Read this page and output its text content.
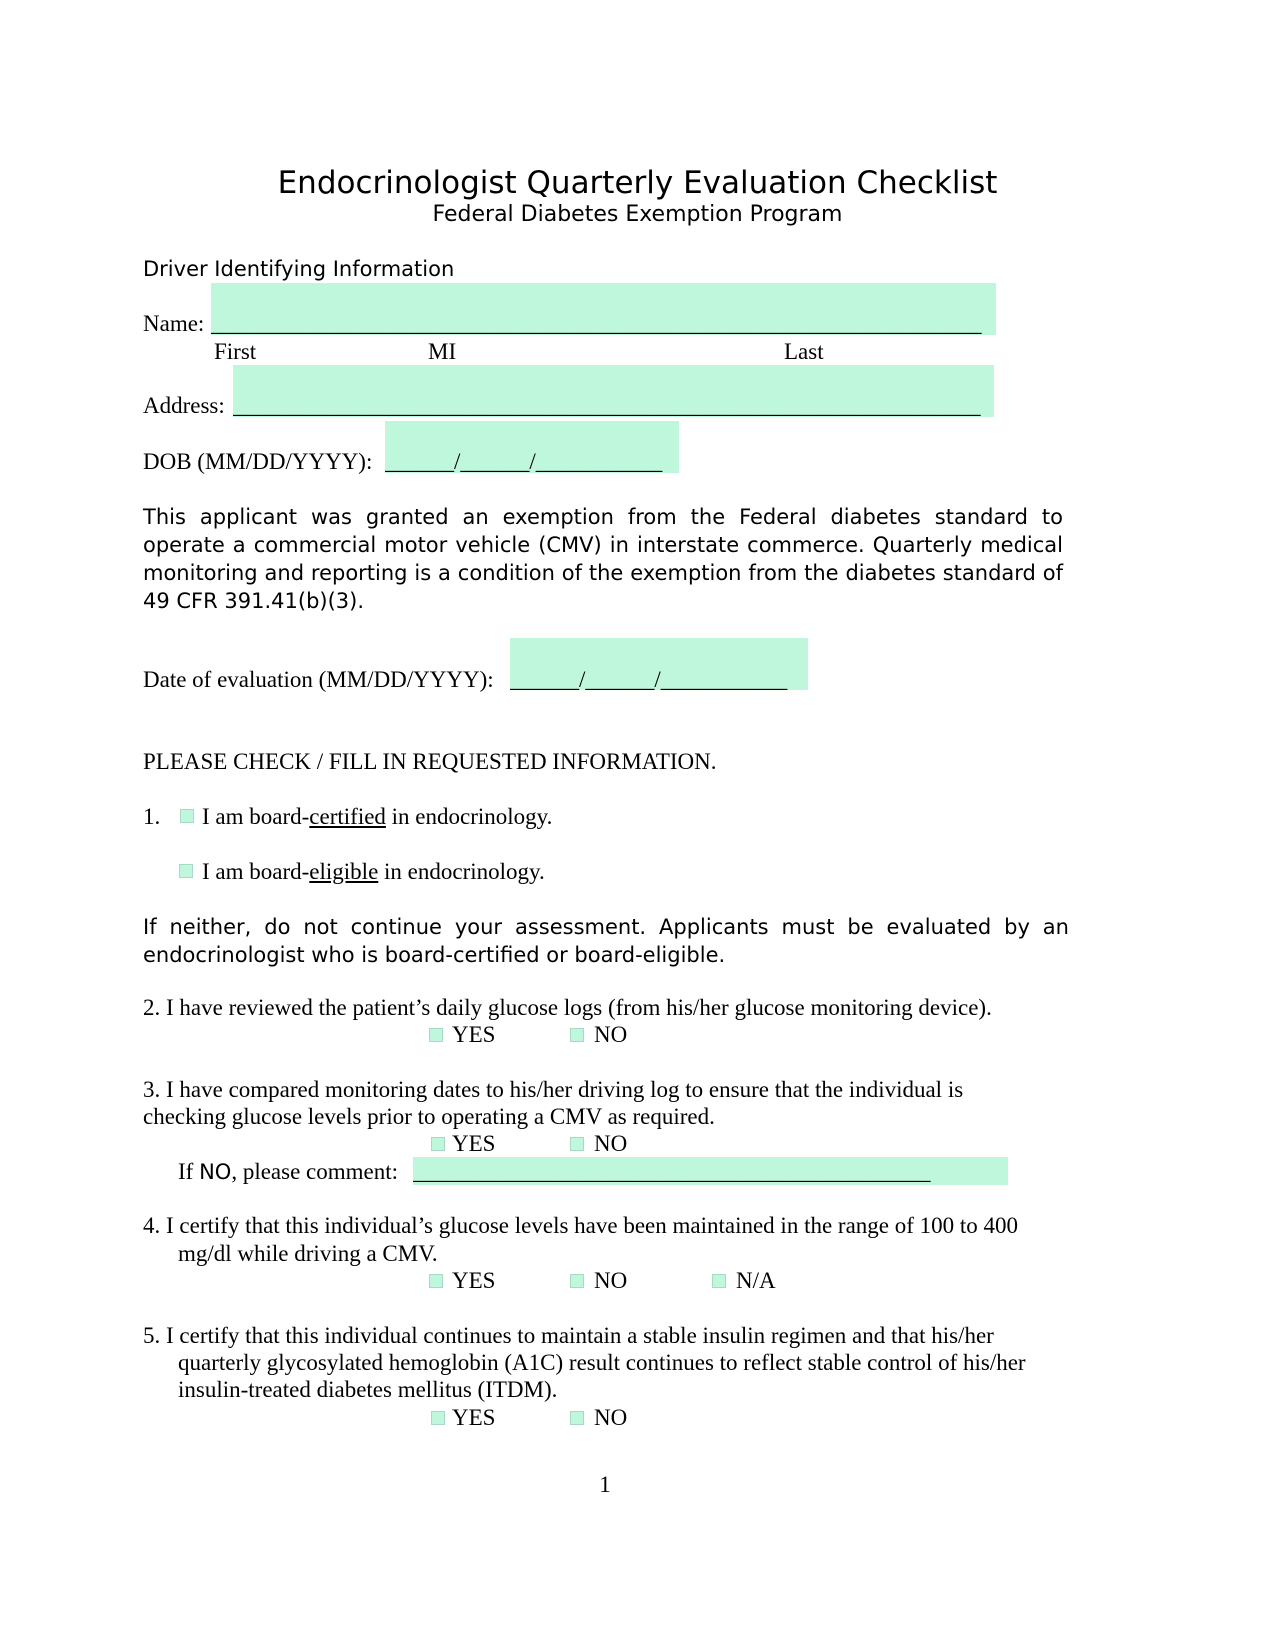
Endocrinologist Quarterly Evaluation Checklist
Federal Diabetes Exemption Program
Driver Identifying Information
Name: ___________________________________________________________________
First	MI	Last
Address: _________________________________________________________________
DOB (MM/DD/YYYY): ______/______/___________
This applicant was granted an exemption from the Federal diabetes standard to operate a commercial motor vehicle (CMV) in interstate commerce. Quarterly medical monitoring and reporting is a condition of the exemption from the diabetes standard of 49 CFR 391.41(b)(3).
Date of evaluation (MM/DD/YYYY): ______/______/___________
PLEASE CHECK / FILL IN REQUESTED INFORMATION.
1. I am board-certified in endocrinology.
I am board-eligible in endocrinology.
If neither, do not continue your assessment. Applicants must be evaluated by an endocrinologist who is board-certified or board-eligible.
2. I have reviewed the patient’s daily glucose logs (from his/her glucose monitoring device).
YES	NO
3. I have compared monitoring dates to his/her driving log to ensure that the individual is
checking glucose levels prior to operating a CMV as required.
YES	NO
If NO, please comment: _____________________________________________
4. I certify that this individual’s glucose levels have been maintained in the range of 100 to 400
mg/dl while driving a CMV.
YES	NO	N/A
5. I certify that this individual continues to maintain a stable insulin regimen and that his/her
quarterly glycosylated hemoglobin (A1C) result continues to reflect stable control of his/her
insulin-treated diabetes mellitus (ITDM).
YES	NO
1
